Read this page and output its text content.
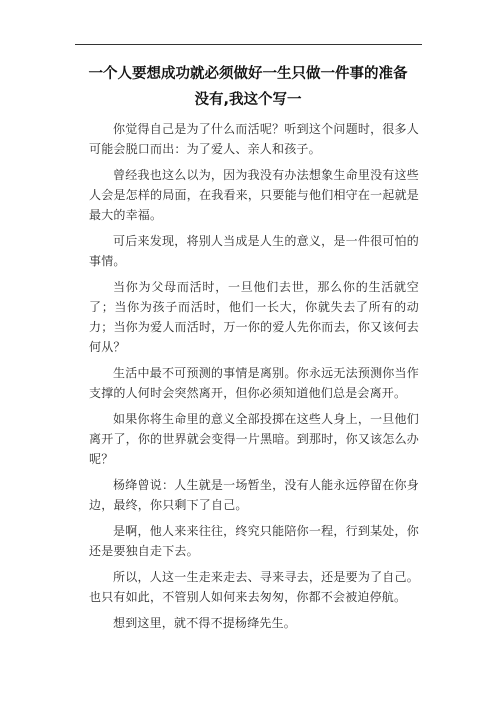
一个人要想成功就必须做好一生只做一件事的准备
没有,我这个写一

你觉得自己是为了什么而活呢？听到这个问题时，很多人可能会脱口而出：为了爱人、亲人和孩子。

曾经我也这么以为，因为我没有办法想象生命里没有这些人会是怎样的局面，在我看来，只要能与他们相守在一起就是最大的幸福。

可后来发现，将别人当成是人生的意义，是一件很可怕的事情。

当你为父母而活时，一旦他们去世，那么你的生活就空了；当你为孩子而活时，他们一长大，你就失去了所有的动力；当你为爱人而活时，万一你的爱人先你而去，你又该何去何从？

生活中最不可预测的事情是离别。你永远无法预测你当作支撑的人何时会突然离开，但你必须知道他们总是会离开。

如果你将生命里的意义全部投掷在这些人身上，一旦他们离开了，你的世界就会变得一片黑暗。到那时，你又该怎么办呢？

杨绛曾说：人生就是一场暂坐，没有人能永远停留在你身边，最终，你只剩下了自己。

是啊，他人来来往往，终究只能陪你一程，行到某处，你还是要独自走下去。

所以，人这一生走来走去、寻来寻去，还是要为了自己。也只有如此，不管别人如何来去匆匆，你都不会被迫停航。

想到这里，就不得不提杨绛先生。
